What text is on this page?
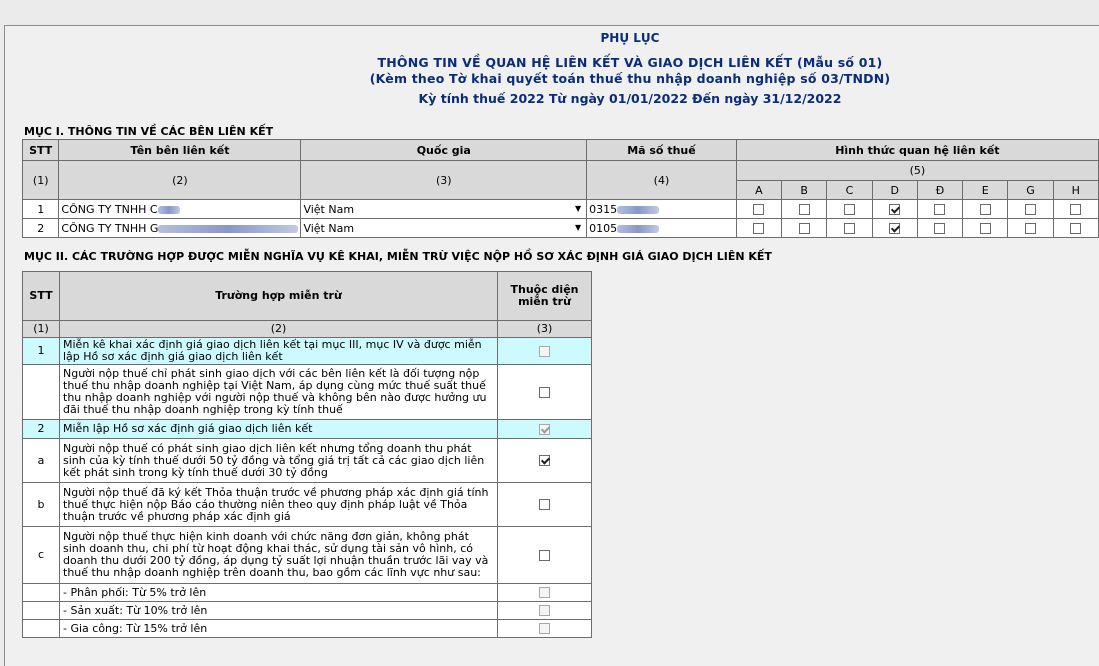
PHỤ LỤC
THÔNG TIN VỀ QUAN HỆ LIÊN KẾT VÀ GIAO DỊCH LIÊN KẾT (Mẫu số 01)
(Kèm theo Tờ khai quyết toán thuế thu nhập doanh nghiệp số 03/TNDN)
Kỳ tính thuế 2022 Từ ngày 01/01/2022 Đến ngày 31/12/2022
MỤC I. THÔNG TIN VỀ CÁC BÊN LIÊN KẾT
STT	Tên bên liên kết	Quốc gia	Mã số thuế	Hình thức quan hệ liên kết							
(1)	(2)	(3)	(4)	(5)							
				A	B	C	D	Đ	E	G	H
1	CÔNG TY TNHH C	Việt Nam ▼	0315								
2	CÔNG TY TNHH G	Việt Nam ▼	0105								
MỤC II. CÁC TRƯỜNG HỢP ĐƯỢC MIỄN NGHĨA VỤ KÊ KHAI, MIỄN TRỪ VIỆC NỘP HỒ SƠ XÁC ĐỊNH GIÁ GIAO DỊCH LIÊN KẾT
STT	Trường hợp miễn trừ	Thuộc diện miễn trừ
(1)	(2)	(3)
1	Miễn kê khai xác định giá giao dịch liên kết tại mục III, mục IV và được miễn lập Hồ sơ xác định giá giao dịch liên kết	
	Người nộp thuế chỉ phát sinh giao dịch với các bên liên kết là đối tượng nộp thuế thu nhập doanh nghiệp tại Việt Nam, áp dụng cùng mức thuế suất thuế thu nhập doanh nghiệp với người nộp thuế và không bên nào được hưởng ưu đãi thuế thu nhập doanh nghiệp trong kỳ tính thuế	
2	Miễn lập Hồ sơ xác định giá giao dịch liên kết	
a	Người nộp thuế có phát sinh giao dịch liên kết nhưng tổng doanh thu phát sinh của kỳ tính thuế dưới 50 tỷ đồng và tổng giá trị tất cả các giao dịch liên kết phát sinh trong kỳ tính thuế dưới 30 tỷ đồng	
b	Người nộp thuế đã ký kết Thỏa thuận trước về phương pháp xác định giá tính thuế thực hiện nộp Báo cáo thường niên theo quy định pháp luật về Thỏa thuận trước về phương pháp xác định giá	
c	Người nộp thuế thực hiện kinh doanh với chức năng đơn giản, không phát sinh doanh thu, chi phí từ hoạt động khai thác, sử dụng tài sản vô hình, có doanh thu dưới 200 tỷ đồng, áp dụng tỷ suất lợi nhuận thuần trước lãi vay và thuế thu nhập doanh nghiệp trên doanh thu, bao gồm các lĩnh vực như sau:	
	- Phân phối: Từ 5% trở lên	
	- Sản xuất: Từ 10% trở lên	
	- Gia công: Từ 15% trở lên	
